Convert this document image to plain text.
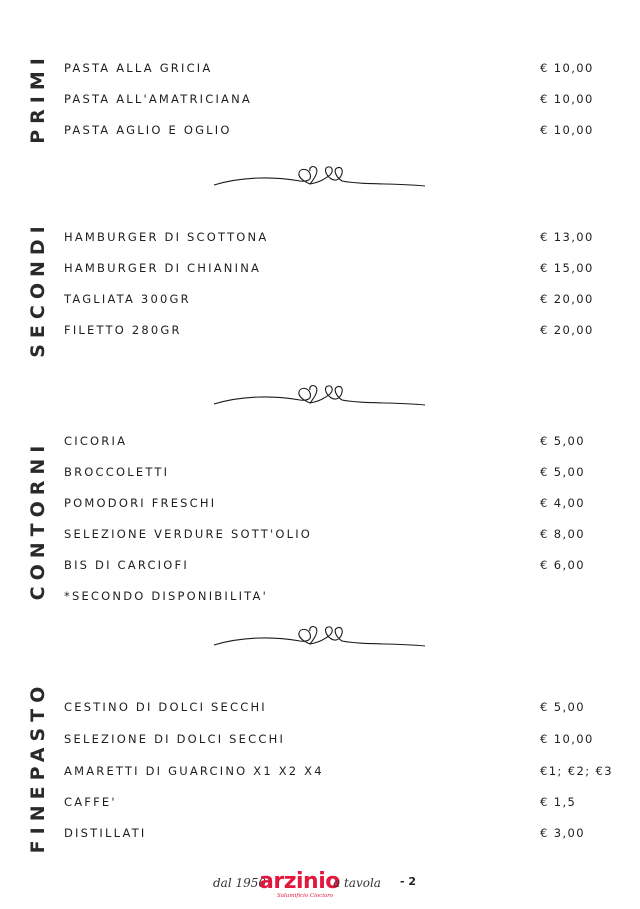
PRIMI PASTA ALLA GRICIA	€ 10,00
PASTA ALL'AMATRICIANA	€ 10,00
PASTA AGLIO E OGLIO	€ 10,00
SECONDI HAMBURGER DI SCOTTONA	€ 13,00
HAMBURGER DI CHIANINA	€ 15,00
TAGLIATA 300GR	€ 20,00
FILETTO 280GR	€ 20,00
CONTORNI CICORIA	€ 5,00
BROCCOLETTI	€ 5,00
POMODORI FRESCHI	€ 4,00
SELEZIONE VERDURE SOTT'OLIO	€ 8,00
BIS DI CARCIOFI	€ 6,00
*SECONDO DISPONIBILITA'
FINEPASTO CESTINO DI DOLCI SECCHI	€ 5,00
SELEZIONE DI DOLCI SECCHI	€ 10,00
AMARETTI DI GUARCINO X1 X2 X4	€1; €2; €3
CAFFE'	€ 1,5
DISTILLATI	€ 3,00
dal 1950
arzinio
Salumificio Ciociaro
a tavola - 2
